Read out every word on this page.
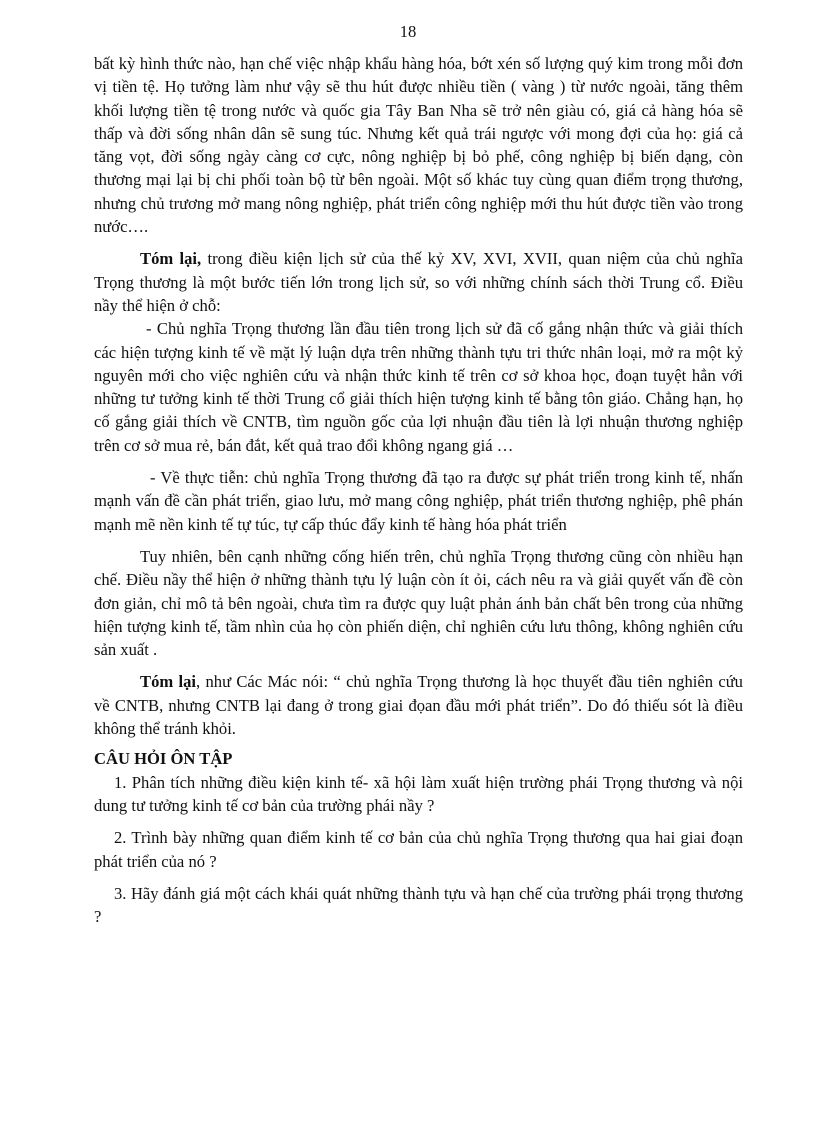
18

bất kỳ hình thức nào, hạn chế việc nhập khẩu hàng hóa, bớt xén số lượng quý kim trong mỗi đơn vị tiền tệ. Họ tưởng làm như vậy sẽ thu hút được nhiều tiền ( vàng ) từ nước ngoài, tăng thêm khối lượng tiền tệ trong nước và quốc gia Tây Ban Nha sẽ trở nên giàu có, giá cả hàng hóa sẽ thấp và đời sống nhân dân sẽ sung túc. Nhưng kết quả trái ngược với mong đợi của họ: giá cả tăng vọt, đời sống ngày càng cơ cực, nông nghiệp bị bỏ phế, công nghiệp bị biến dạng, còn thương mại lại bị chi phối toàn bộ từ bên ngoài. Một số khác tuy cùng quan điểm trọng thương, nhưng chủ trương mở mang nông nghiệp, phát triển công nghiệp mới thu hút được tiền vào trong nước….

Tóm lại, trong điều kiện lịch sử của thế kỷ XV, XVI, XVII, quan niệm của chủ nghĩa Trọng thương là một bước tiến lớn trong lịch sử, so với những chính sách thời Trung cổ. Điều nầy thể hiện ở chỗ:

- Chủ nghĩa Trọng thương lần đầu tiên trong lịch sử đã cố gắng nhận thức và giải thích các hiện tượng kinh tế về mặt lý luận dựa trên những thành tựu tri thức nhân loại, mở ra một kỷ nguyên mới cho việc nghiên cứu và nhận thức kinh tế trên cơ sở khoa học, đoạn tuyệt hẳn với những tư tưởng kinh tế thời Trung cổ giải thích hiện tượng kinh tế bằng tôn giáo. Chẳng hạn, họ cố gắng giải thích về CNTB, tìm nguồn gốc của lợi nhuận đầu tiên là lợi nhuận thương nghiệp trên cơ sở mua rẻ, bán đắt, kết quả trao đổi không ngang giá …

- Về thực tiễn: chủ nghĩa Trọng thương đã tạo ra được sự phát triển trong kinh tế, nhấn mạnh vấn đề cần phát triển, giao lưu, mở mang công nghiệp, phát triển thương nghiệp, phê phán mạnh mẽ nền kinh tế tự túc, tự cấp thúc đẩy kinh tế hàng hóa phát triển

Tuy nhiên, bên cạnh những cống hiến trên, chủ nghĩa Trọng thương cũng còn nhiều hạn chế. Điều nầy thể hiện ở những thành tựu lý luận còn ít ỏi, cách nêu ra và giải quyết vấn đề còn đơn giản, chỉ mô tả bên ngoài, chưa tìm ra được quy luật phản ánh bản chất bên trong của những hiện tượng kinh tế, tầm nhìn của họ còn phiến diện, chỉ nghiên cứu lưu thông, không nghiên cứu sản xuất .

Tóm lại, như Các Mác nói: “ chủ nghĩa Trọng thương là học thuyết đầu tiên nghiên cứu về CNTB, nhưng CNTB lại đang ở trong giai đọan đầu mới phát triển”. Do đó thiếu sót là điều không thể tránh khỏi.

CÂU HỎI ÔN TẬP

1. Phân tích những điều kiện kinh tế- xã hội làm xuất hiện trường phái Trọng thương và nội dung tư tưởng kinh tế cơ bản của trường phái nầy ?

2. Trình bày những quan điểm kinh tế cơ bản của chủ nghĩa Trọng thương qua hai giai đoạn phát triển của nó ?

3. Hãy đánh giá một cách khái quát những thành tựu và hạn chế của trường phái trọng thương ?
